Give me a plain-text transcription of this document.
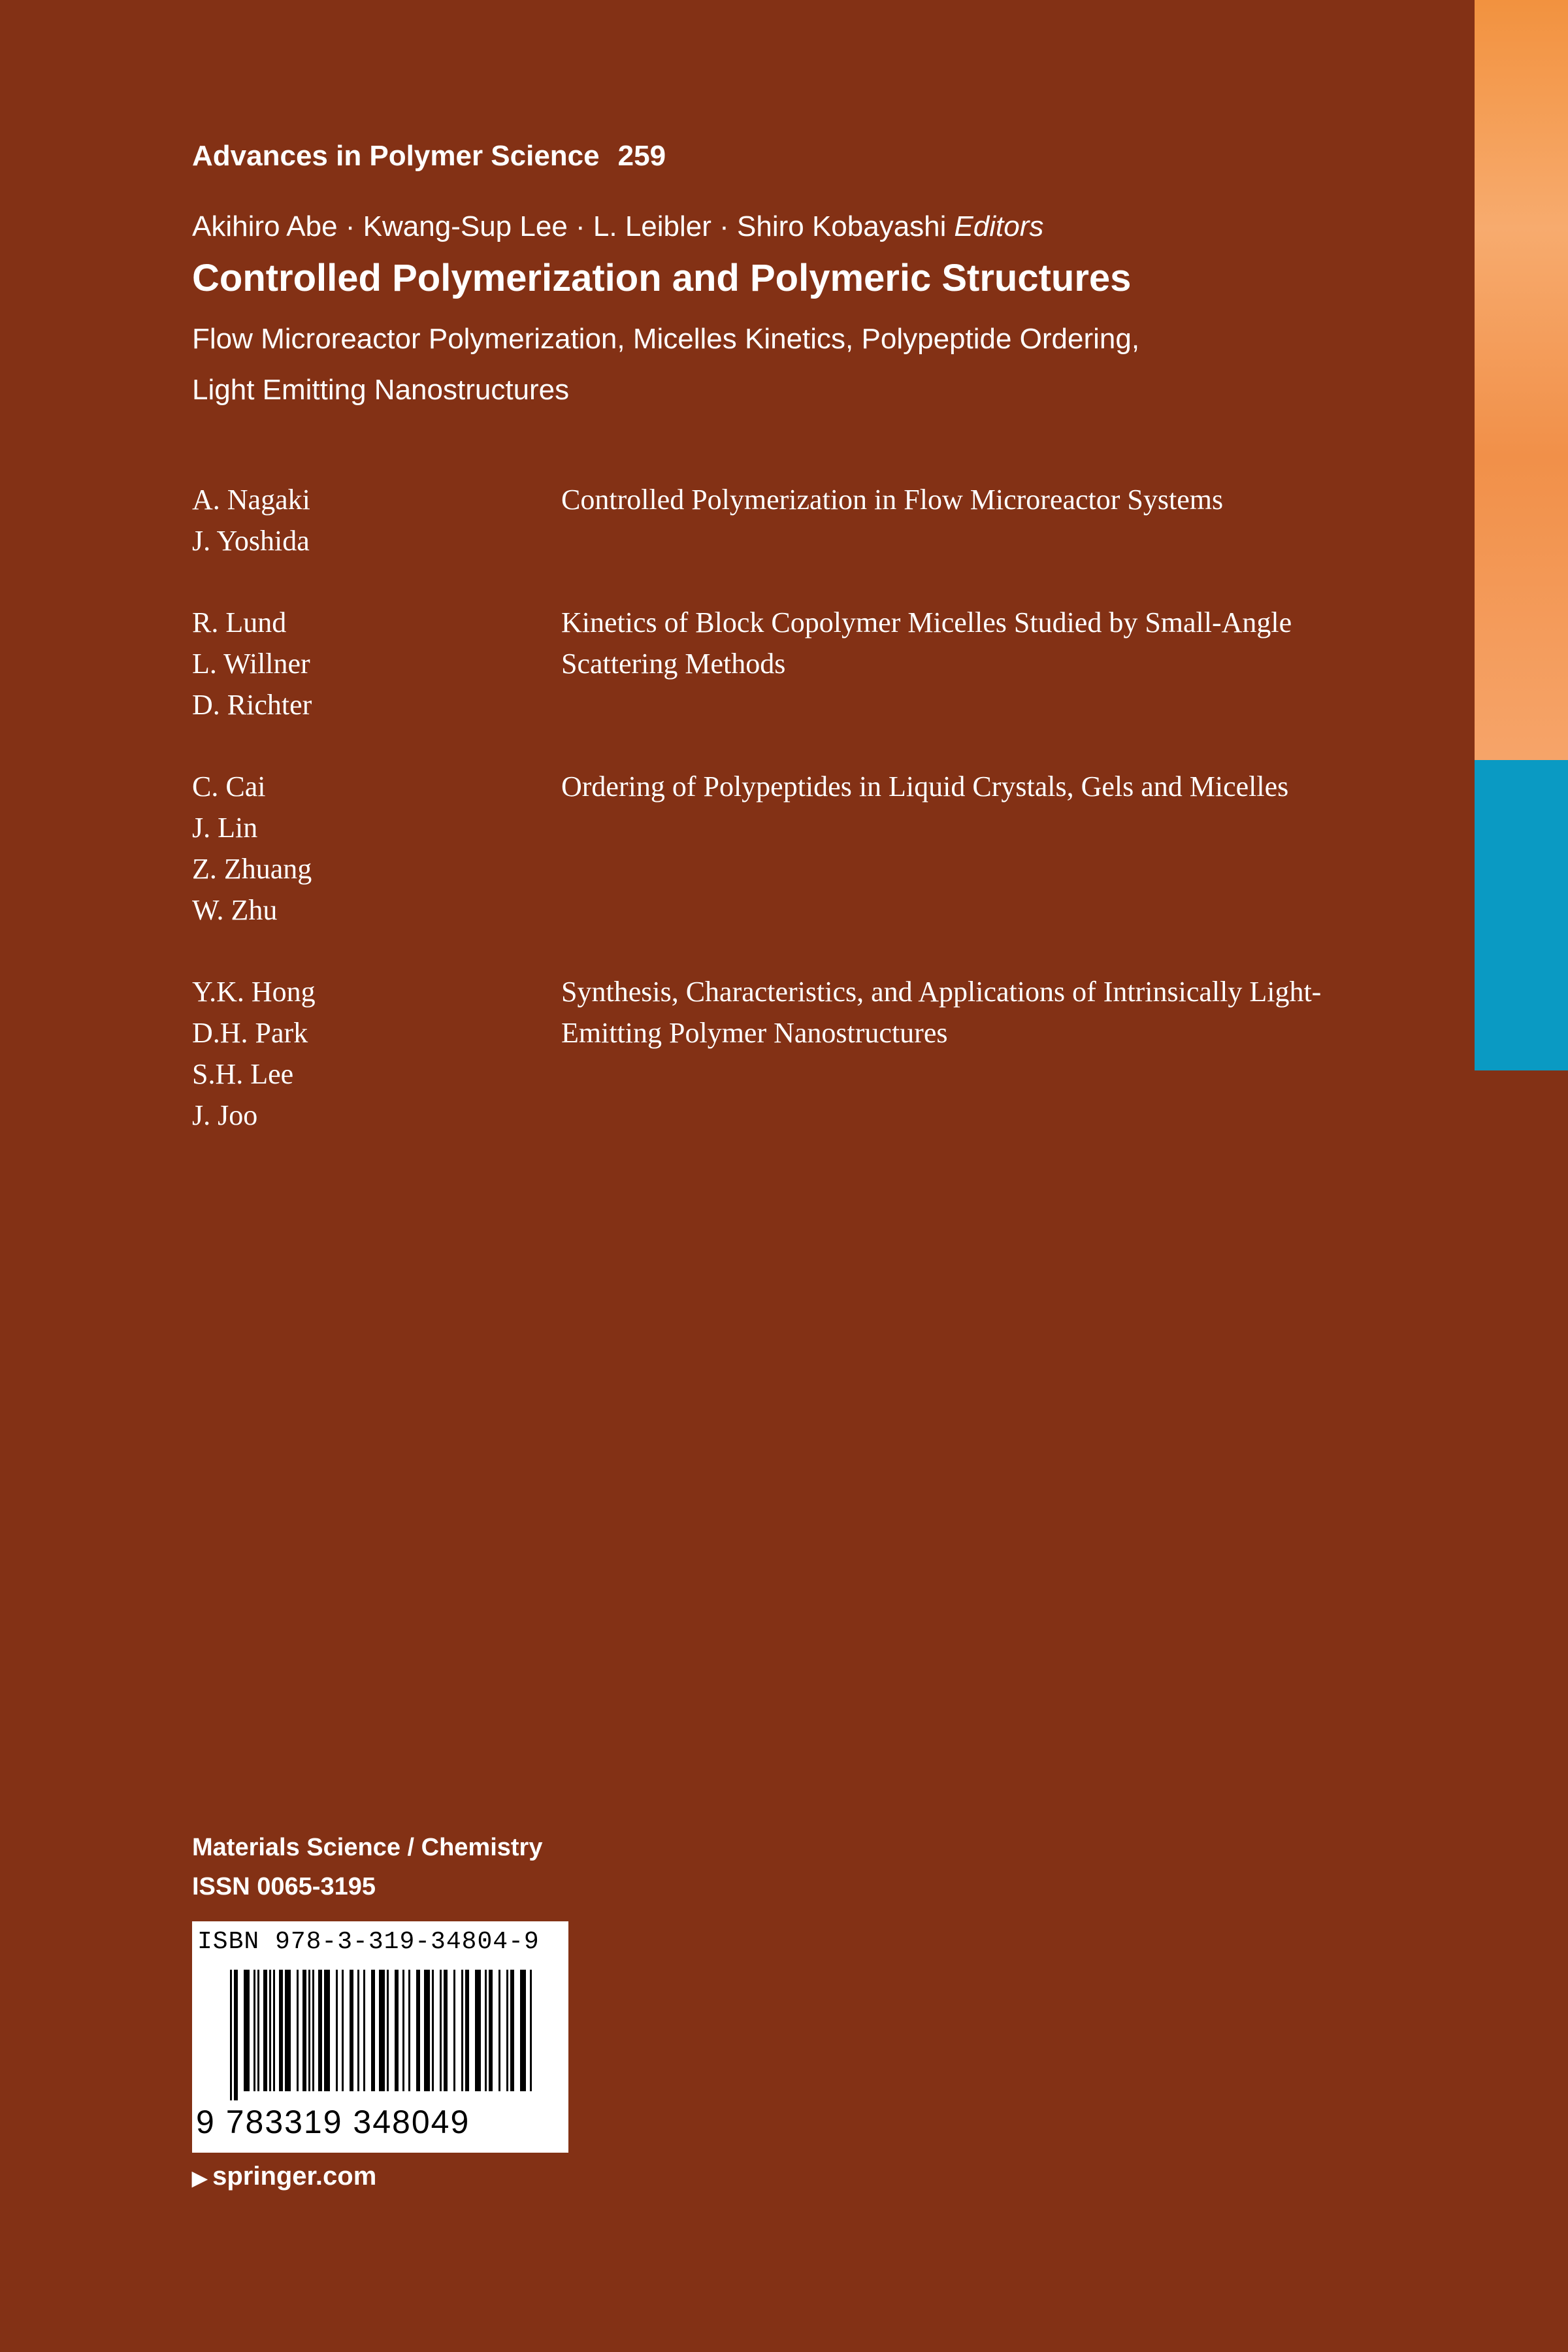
Advances in Polymer Science 259
Akihiro Abe · Kwang-Sup Lee · L. Leibler · Shiro Kobayashi Editors
Controlled Polymerization and Polymeric Structures
Flow Microreactor Polymerization, Micelles Kinetics, Polypeptide Ordering, Light Emitting Nanostructures
A. Nagaki
J. Yoshida
Controlled Polymerization in Flow Microreactor Systems
R. Lund
L. Willner
D. Richter
Kinetics of Block Copolymer Micelles Studied by Small-Angle Scattering Methods
C. Cai
J. Lin
Z. Zhuang
W. Zhu
Ordering of Polypeptides in Liquid Crystals, Gels and Micelles
Y.K. Hong
D.H. Park
S.H. Lee
J. Joo
Synthesis, Characteristics, and Applications of Intrinsically Light-Emitting Polymer Nanostructures
Materials Science / Chemistry
ISSN 0065-3195
ISBN 978-3-319-34804-9
9 783319 348049
▶ springer.com
